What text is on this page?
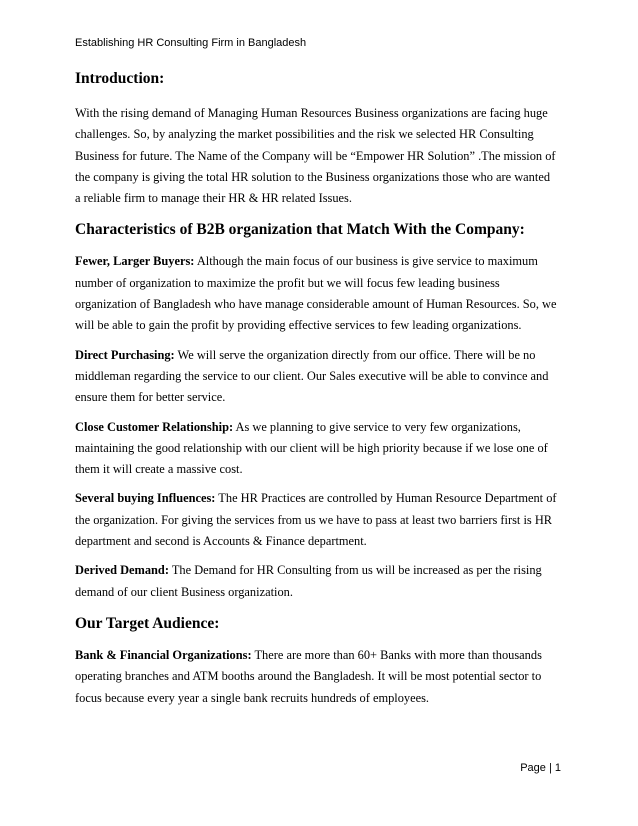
Establishing HR Consulting Firm in Bangladesh
Introduction:

With the rising demand of Managing Human Resources Business organizations are facing huge
challenges. So, by analyzing the market possibilities and the risk we selected HR Consulting
Business for future. The Name of the Company will be “Empower HR Solution” .The mission of
the company is giving the total HR solution to the Business organizations those who are wanted
a reliable firm to manage their HR & HR related Issues.

Characteristics of B2B organization that Match With the Company:

Fewer, Larger Buyers: Although the main focus of our business is give service to maximum
number of organization to maximize the profit but we will focus few leading business
organization of Bangladesh who have manage considerable amount of Human Resources. So, we
will be able to gain the profit by providing effective services to few leading organizations.

Direct Purchasing: We will serve the organization directly from our office. There will be no
middleman regarding the service to our client. Our Sales executive will be able to convince and
ensure them for better service.

Close Customer Relationship: As we planning to give service to very few organizations,
maintaining the good relationship with our client will be high priority because if we lose one of
them it will create a massive cost.

Several buying Influences: The HR Practices are controlled by Human Resource Department of
the organization. For giving the services from us we have to pass at least two barriers first is HR
department and second is Accounts & Finance department.

Derived Demand: The Demand for HR Consulting from us will be increased as per the rising
demand of our client Business organization.

Our Target Audience:

Bank & Financial Organizations: There are more than 60+ Banks with more than thousands
operating branches and ATM booths around the Bangladesh. It will be most potential sector to
focus because every year a single bank recruits hundreds of employees.

Page | 1
